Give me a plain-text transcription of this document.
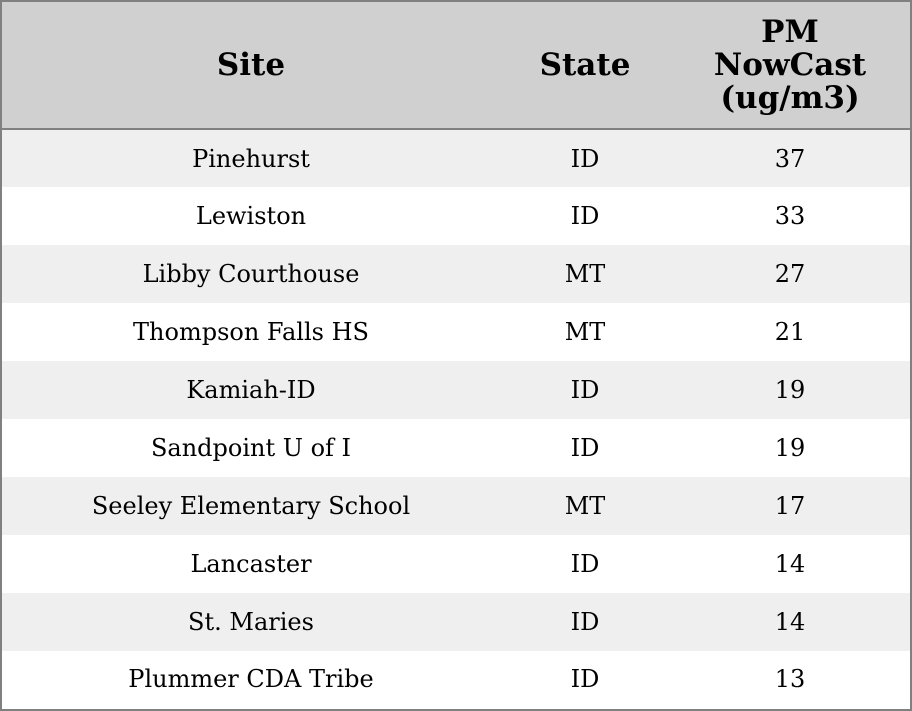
Site	State	PM
NowCast
(ug/m3)

Pinehurst	ID	37
Lewiston	ID	33
Libby Courthouse	MT	27
Thompson Falls HS	MT	21
Kamiah-ID	ID	19
Sandpoint U of I	ID	19
Seeley Elementary School	MT	17
Lancaster	ID	14
St. Maries	ID	14
Plummer CDA Tribe	ID	13
